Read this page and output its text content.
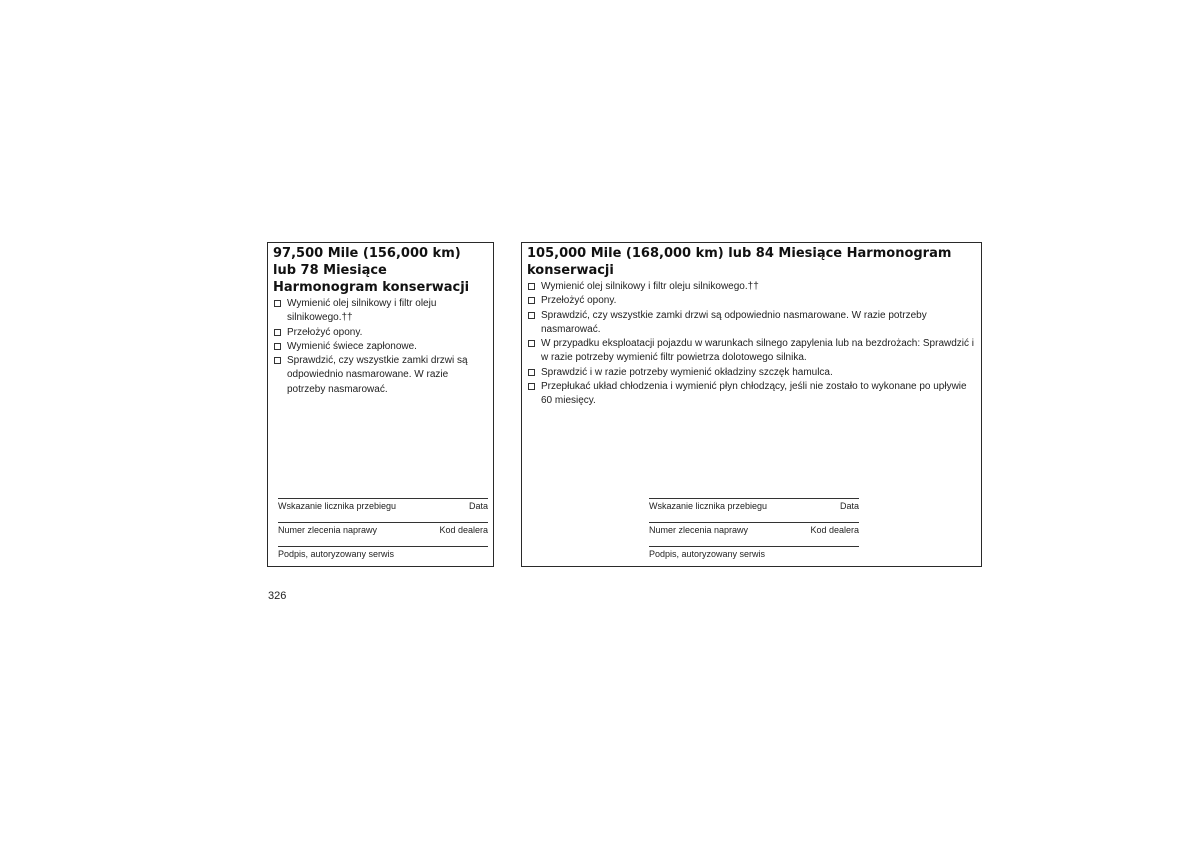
97,500 Mile (156,000 km) lub 78 Miesiące Harmonogram konserwacji
Wymienić olej silnikowy i filtr oleju silnikowego.††
Przełożyć opony.
Wymienić świece zapłonowe.
Sprawdzić, czy wszystkie zamki drzwi są odpowiednio nasmarowane. W razie potrzeby nasmarować.
Wskazanie licznika przebiegu	Data
Numer zlecenia naprawy	Kod dealera
Podpis, autoryzowany serwis
105,000 Mile (168,000 km) lub 84 Miesiące Harmonogram konserwacji
Wymienić olej silnikowy i filtr oleju silnikowego.††
Przełożyć opony.
Sprawdzić, czy wszystkie zamki drzwi są odpowiednio nasmarowane. W razie potrzeby nasmarować.
W przypadku eksploatacji pojazdu w warunkach silnego zapylenia lub na bezdrożach: Sprawdzić i w razie potrzeby wymienić filtr powietrza dolotowego silnika.
Sprawdzić i w razie potrzeby wymienić okładziny szczęk hamulca.
Przepłukać układ chłodzenia i wymienić płyn chłodzący, jeśli nie zostało to wykonane po upływie 60 miesięcy.
Wskazanie licznika przebiegu	Data
Numer zlecenia naprawy	Kod dealera
Podpis, autoryzowany serwis
326
